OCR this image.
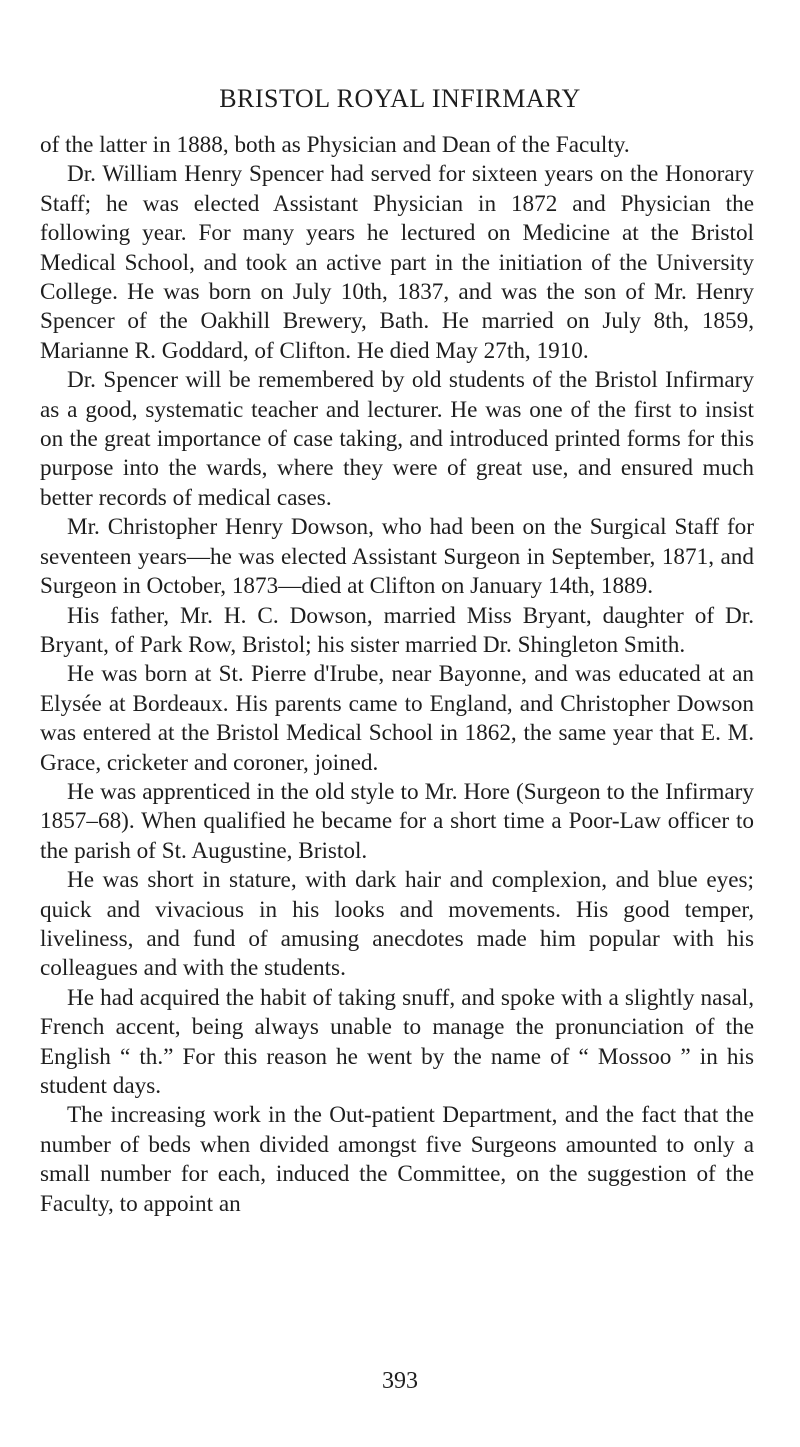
BRISTOL ROYAL INFIRMARY

of the latter in 1888, both as Physician and Dean of the Faculty.

Dr. William Henry Spencer had served for sixteen years on the Honorary Staff; he was elected Assistant Physician in 1872 and Physician the following year. For many years he lectured on Medicine at the Bristol Medical School, and took an active part in the initiation of the University College. He was born on July 10th, 1837, and was the son of Mr. Henry Spencer of the Oakhill Brewery, Bath. He married on July 8th, 1859, Marianne R. Goddard, of Clifton. He died May 27th, 1910.

Dr. Spencer will be remembered by old students of the Bristol Infirmary as a good, systematic teacher and lecturer. He was one of the first to insist on the great importance of case taking, and introduced printed forms for this purpose into the wards, where they were of great use, and ensured much better records of medical cases.

Mr. Christopher Henry Dowson, who had been on the Surgical Staff for seventeen years—he was elected Assistant Surgeon in September, 1871, and Surgeon in October, 1873—died at Clifton on January 14th, 1889.

His father, Mr. H. C. Dowson, married Miss Bryant, daughter of Dr. Bryant, of Park Row, Bristol; his sister married Dr. Shingleton Smith.

He was born at St. Pierre d'Irube, near Bayonne, and was educated at an Elysée at Bordeaux. His parents came to England, and Christopher Dowson was entered at the Bristol Medical School in 1862, the same year that E. M. Grace, cricketer and coroner, joined.

He was apprenticed in the old style to Mr. Hore (Surgeon to the Infirmary 1857–68). When qualified he became for a short time a Poor-Law officer to the parish of St. Augustine, Bristol.

He was short in stature, with dark hair and complexion, and blue eyes; quick and vivacious in his looks and movements. His good temper, liveliness, and fund of amusing anecdotes made him popular with his colleagues and with the students.

He had acquired the habit of taking snuff, and spoke with a slightly nasal, French accent, being always unable to manage the pronunciation of the English “ th.” For this reason he went by the name of “ Mossoo ” in his student days.

The increasing work in the Out-patient Department, and the fact that the number of beds when divided amongst five Surgeons amounted to only a small number for each, induced the Committee, on the suggestion of the Faculty, to appoint an

393
